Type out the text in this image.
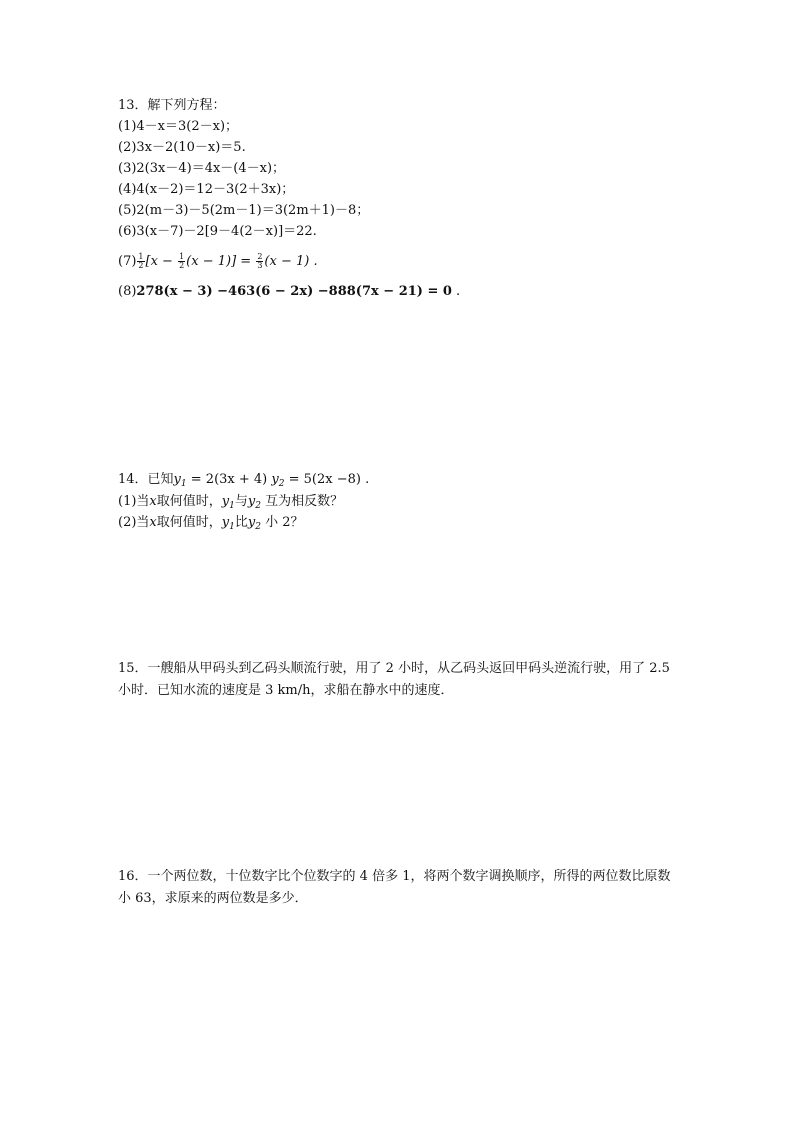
13．解下列方程：
(1)4－x＝3(2－x)；
(2)3x－2(10－x)＝5.
(3)2(3x－4)＝4x－(4－x)；
(4)4(x－2)＝12－3(2＋3x)；
(5)2(m－3)－5(2m－1)＝3(2m＋1)－8；
(6)3(x－7)－2[9－4(2－x)]＝22.
$(7) \frac{1}{2} [x - \frac{1}{2} (x - 1)] = \frac{2}{3} (x - 1)$ .
(8)278(x − 3) −463(6 − 2x) −888(7x − 21) = 0 .
14．已知$y_1 = 2(3x + 4) y_2 = 5(2x -8)$ .
(1)当x取何值时，$y_1$与$y_2$ 互为相反数？
(2)当x取何值时，$y_1$比$y_2$ 小 2？
15．一艘船从甲码头到乙码头顺流行驶，用了 2 小时，从乙码头返回甲码头逆流行驶，用了 2.5 小时．已知水流的速度是 3 km/h，求船在静水中的速度．
16．一个两位数，十位数字比个位数字的 4 倍多 1，将两个数字调换顺序，所得的两位数比原数小 63，求原来的两位数是多少．
